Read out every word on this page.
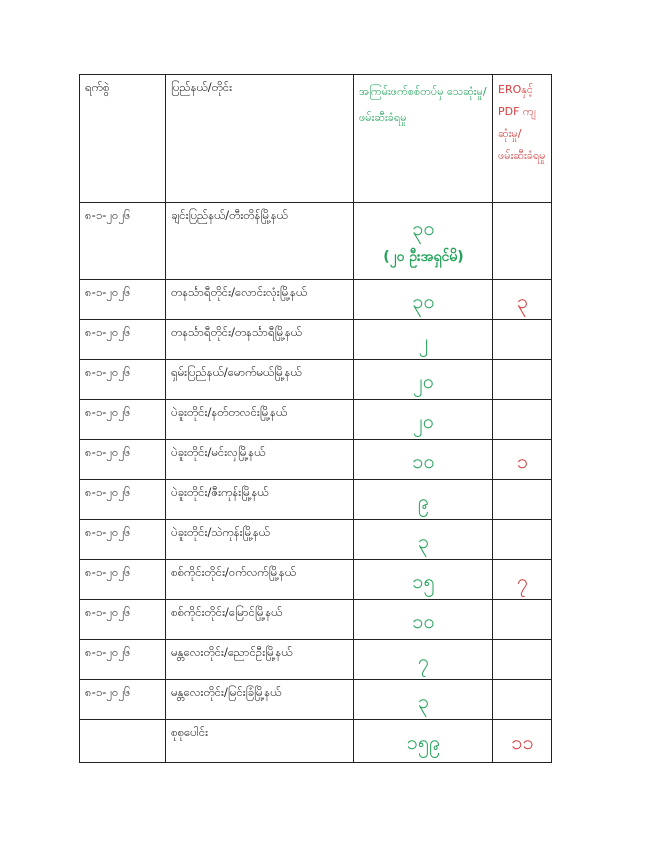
ရက်စွဲ	ပြည်နယ်/တိုင်း	အကြမ်းဖက်စစ်တပ်မှ သေဆုံးမှု/ ဖမ်းဆီးခံရမှု	EROနှင့် PDF ကျဆုံးမှု/ ဖမ်းဆီးခံရမှု
၈-၁-၂၀၂၆	ချင်းပြည်နယ်/တီးတိန်မြို့နယ်	၃၀
(၂၀ ဦးအရှင်မိ)	

၈-၁-၂၀၂၆	တနင်္သာရီတိုင်း/လောင်းလုံးမြို့နယ်	၃၀	၃
၈-၁-၂၀၂၆	တနင်္သာရီတိုင်း/တနင်္သာရီမြို့နယ်	၂	
၈-၁-၂၀၂၆	ရှမ်းပြည်နယ်/မောက်မယ်မြို့နယ်	၂၀	
၈-၁-၂၀၂၆	ပဲခူးတိုင်း/နတ်တလင်းမြို့နယ်	၂၀	
၈-၁-၂၀၂၆	ပဲခူးတိုင်း/မင်းလှမြို့နယ်	၁၀	၁
၈-၁-၂၀၂၆	ပဲခူးတိုင်း/ဇီးကုန်းမြို့နယ်	၉	
၈-၁-၂၀၂၆	ပဲခူးတိုင်း/သဲကုန်းမြို့နယ်	၃	
၈-၁-၂၀၂၆	စစ်ကိုင်းတိုင်း/ဝက်လက်မြို့နယ်	၁၅	၇
၈-၁-၂၀၂၆	စစ်ကိုင်းတိုင်း/မြောင်မြို့နယ်	၁၀	
၈-၁-၂၀၂၆	မန္တလေးတိုင်း/ညောင်ဦးမြို့နယ်	၇	
၈-၁-၂၀၂၆	မန္တလေးတိုင်း/မြင်းခြံမြို့နယ်	၃	
	စုစုပေါင်း	၁၅၉	၁၁
